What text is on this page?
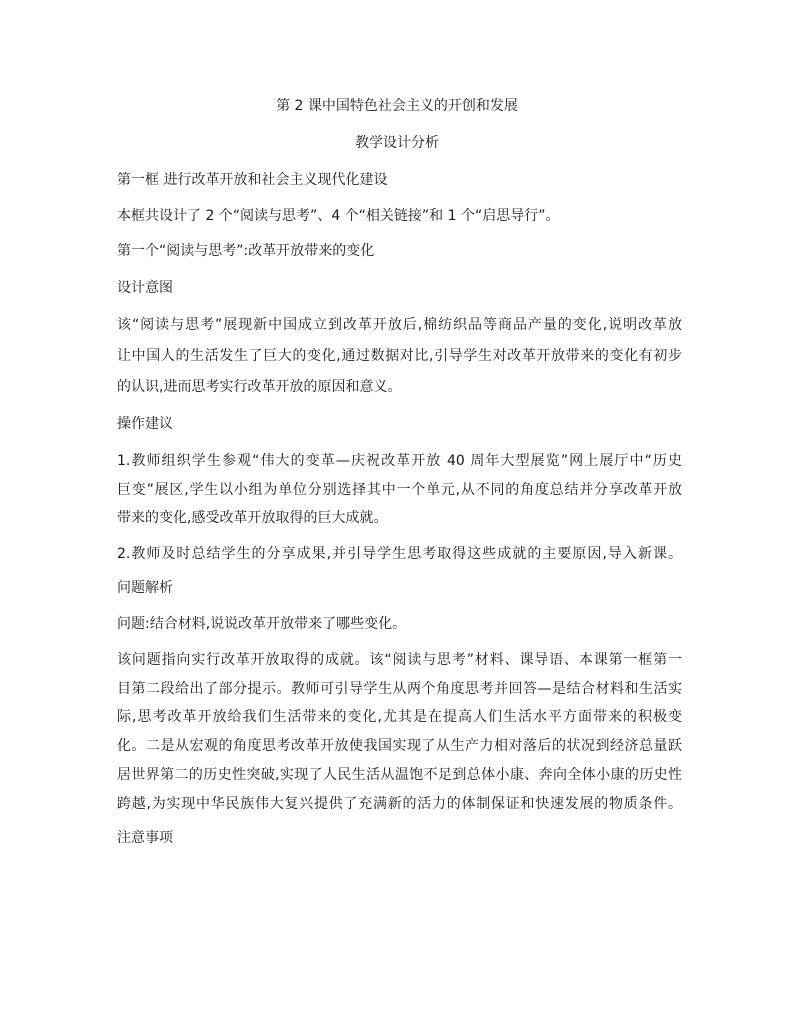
第 2 课中国特色社会主义的开创和发展
教学设计分析
第一框 进行改革开放和社会主义现代化建设
本框共设计了 2 个“阅读与思考”、4 个“相关链接”和 1 个“启思导行”。
第一个“阅读与思考”:改革开放带来的变化
设计意图
该“阅读与思考”展现新中国成立到改革开放后,棉纺织品等商品产量的变化,说明改革放
让中国人的生活发生了巨大的变化,通过数据对比,引导学生对改革开放带来的变化有初步
的认识,进而思考实行改革开放的原因和意义。
操作建议
1.教师组织学生参观“伟大的变革—庆祝改革开放 40 周年大型展览”网上展厅中“历史
巨变”展区,学生以小组为单位分别选择其中一个单元,从不同的角度总结并分享改革开放
带来的变化,感受改革开放取得的巨大成就。
2.教师及时总结学生的分享成果,并引导学生思考取得这些成就的主要原因,导入新课。
问题解析
问题:结合材料,说说改革开放带来了哪些变化。
该问题指向实行改革开放取得的成就。该“阅读与思考”材料、课导语、本课第一框第一
目第二段给出了部分提示。教师可引导学生从两个角度思考并回答—是结合材料和生活实
际,思考改革开放给我们生活带来的变化,尤其是在提高人们生活水平方面带来的积极变
化。二是从宏观的角度思考改革开放使我国实现了从生产力相对落后的状况到经济总量跃
居世界第二的历史性突破,实现了人民生活从温饱不足到总体小康、奔向全体小康的历史性
跨越,为实现中华民族伟大复兴提供了充满新的活力的体制保证和快速发展的物质条件。
注意事项
